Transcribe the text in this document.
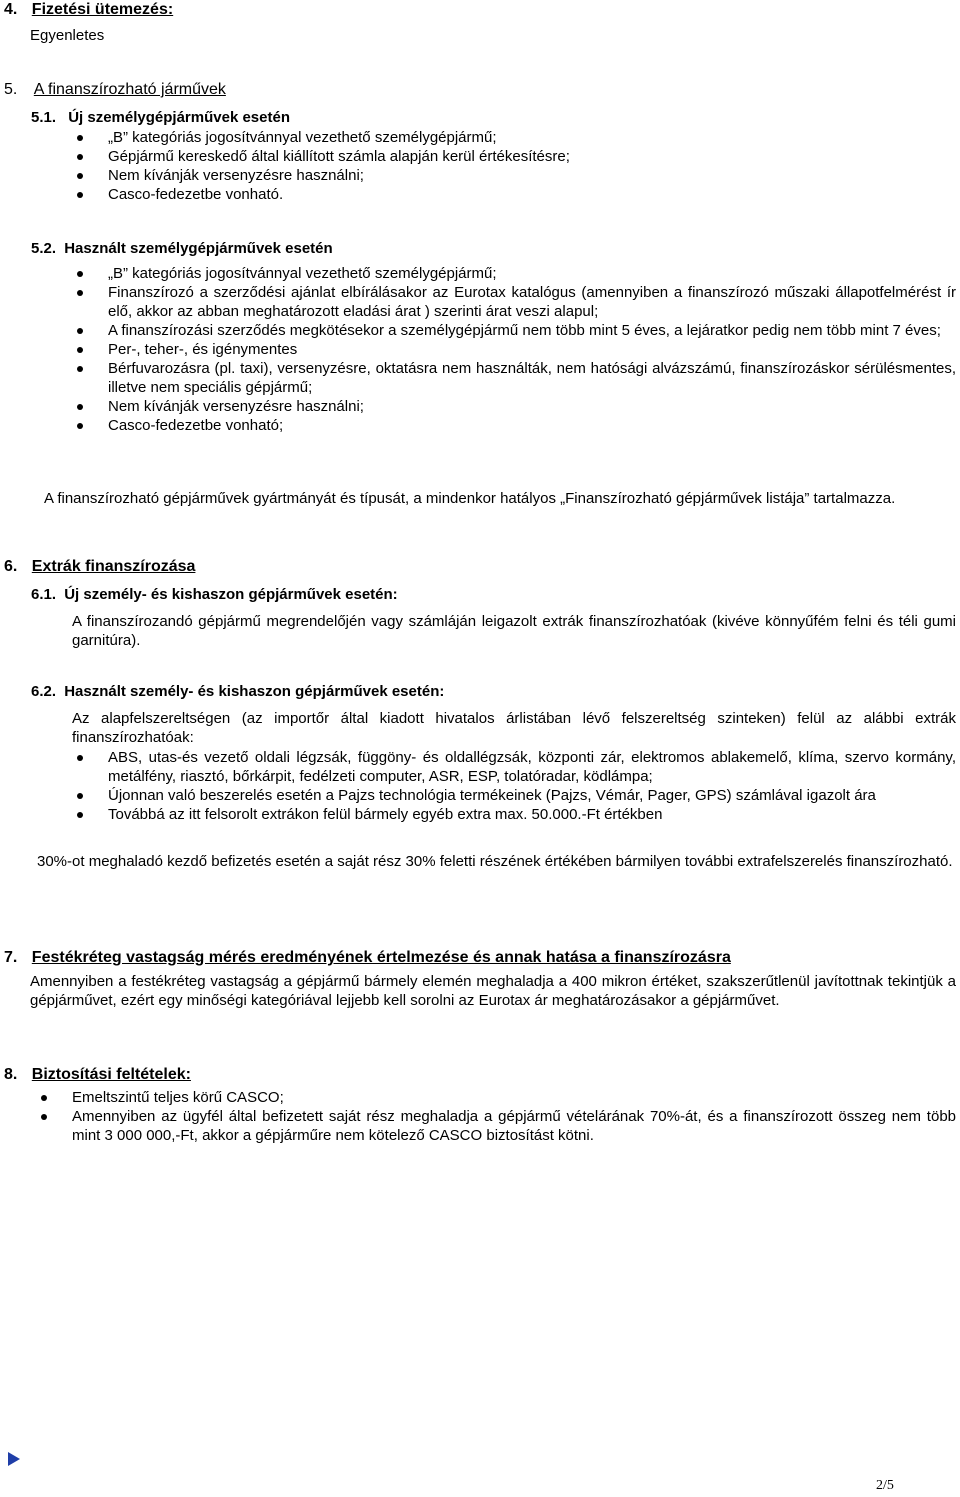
4. Fizetési ütemezés:
Egyenletes
5. A finanszírozható járművek
5.1. Új személygépjárművek esetén
„B” kategóriás jogosítvánnyal vezethető személygépjármű;
Gépjármű kereskedő által kiállított számla alapján kerül értékesítésre;
Nem kívánják versenyzésre használni;
Casco-fedezetbe vonható.
5.2. Használt személygépjárművek esetén
„B” kategóriás jogosítvánnyal vezethető személygépjármű;
Finanszírozó a szerződési ajánlat elbírálásakor az Eurotax katalógus (amennyiben a finanszírozó műszaki állapotfelmérést ír elő, akkor az abban meghatározott eladási árat ) szerinti árat veszi alapul;
A finanszírozási szerződés megkötésekor a személygépjármű nem több mint 5 éves, a lejáratkor pedig nem több mint 7 éves;
Per-, teher-, és igénymentes
Bérfuvarozásra (pl. taxi), versenyzésre, oktatásra nem használták, nem hatósági alvázszámú, finanszírozáskor sérülésmentes, illetve nem speciális gépjármű;
Nem kívánják versenyzésre használni;
Casco-fedezetbe vonható;
A finanszírozható gépjárművek gyártmányát és típusát, a mindenkor hatályos „Finanszírozható gépjárművek listája” tartalmazza.
6. Extrák finanszírozása
6.1. Új személy- és kishaszon gépjárművek esetén:
A finanszírozandó gépjármű megrendelőjén vagy számláján leigazolt extrák finanszírozhatóak (kivéve könnyűfém felni és téli gumi garnitúra).
6.2. Használt személy- és kishaszon gépjárművek esetén:
Az alapfelszereltségen (az importőr által kiadott hivatalos árlistában lévő felszereltség szinteken) felül az alábbi extrák finanszírozhatóak:
ABS, utas-és vezető oldali légzsák, függöny- és oldallégzsák, központi zár, elektromos ablakemelő, klíma, szervo kormány, metálfény, riasztó, bőrkárpit, fedélzeti computer, ASR, ESP, tolatóradar, ködlámpa;
Újonnan való beszerelés esetén a Pajzs technológia termékeinek (Pajzs, Vémár, Pager, GPS) számlával igazolt ára
Továbbá az itt felsorolt extrákon felül bármely egyéb extra max. 50.000.-Ft értékben
30%-ot meghaladó kezdő befizetés esetén a saját rész 30% feletti részének értékében bármilyen további extrafelszerelés finanszírozható.
7. Festékréteg vastagság mérés eredményének értelmezése és annak hatása a finanszírozásra
Amennyiben a festékréteg vastagság a gépjármű bármely elemén meghaladja a 400 mikron értéket, szakszerűtlenül javítottnak tekintjük a gépjárművet, ezért egy minőségi kategóriával lejjebb kell sorolni az Eurotax ár meghatározásakor a gépjárművet.
8. Biztosítási feltételek:
Emeltszintű teljes körű CASCO;
Amennyiben az ügyfél által befizetett saját rész meghaladja a gépjármű vételárának 70%-át, és a finanszírozott összeg nem több mint 3 000 000,-Ft, akkor a gépjárműre nem kötelező CASCO biztosítást kötni.
2/5
